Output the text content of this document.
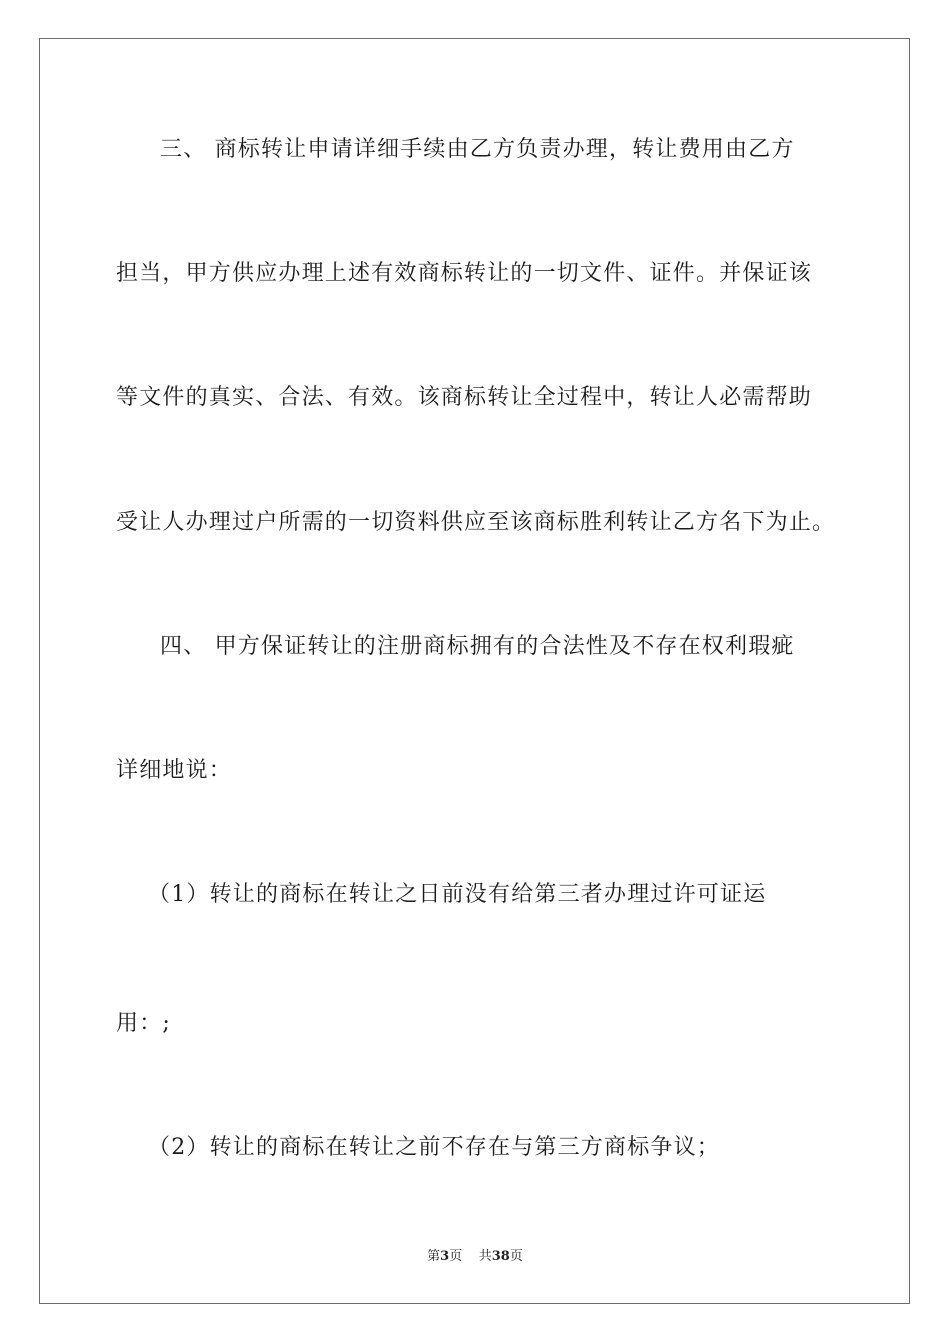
三、 商标转让申请详细手续由乙方负责办理，转让费用由乙方
担当，甲方供应办理上述有效商标转让的一切文件、证件。并保证该
等文件的真实、合法、有效。该商标转让全过程中，转让人必需帮助
受让人办理过户所需的一切资料供应至该商标胜利转让乙方名下为止。
四、 甲方保证转让的注册商标拥有的合法性及不存在权利瑕疵
详细地说：
（1）转让的商标在转让之日前没有给第三者办理过许可证运
用：;
（2）转让的商标在转让之前不存在与第三方商标争议；
第3页 共38页
